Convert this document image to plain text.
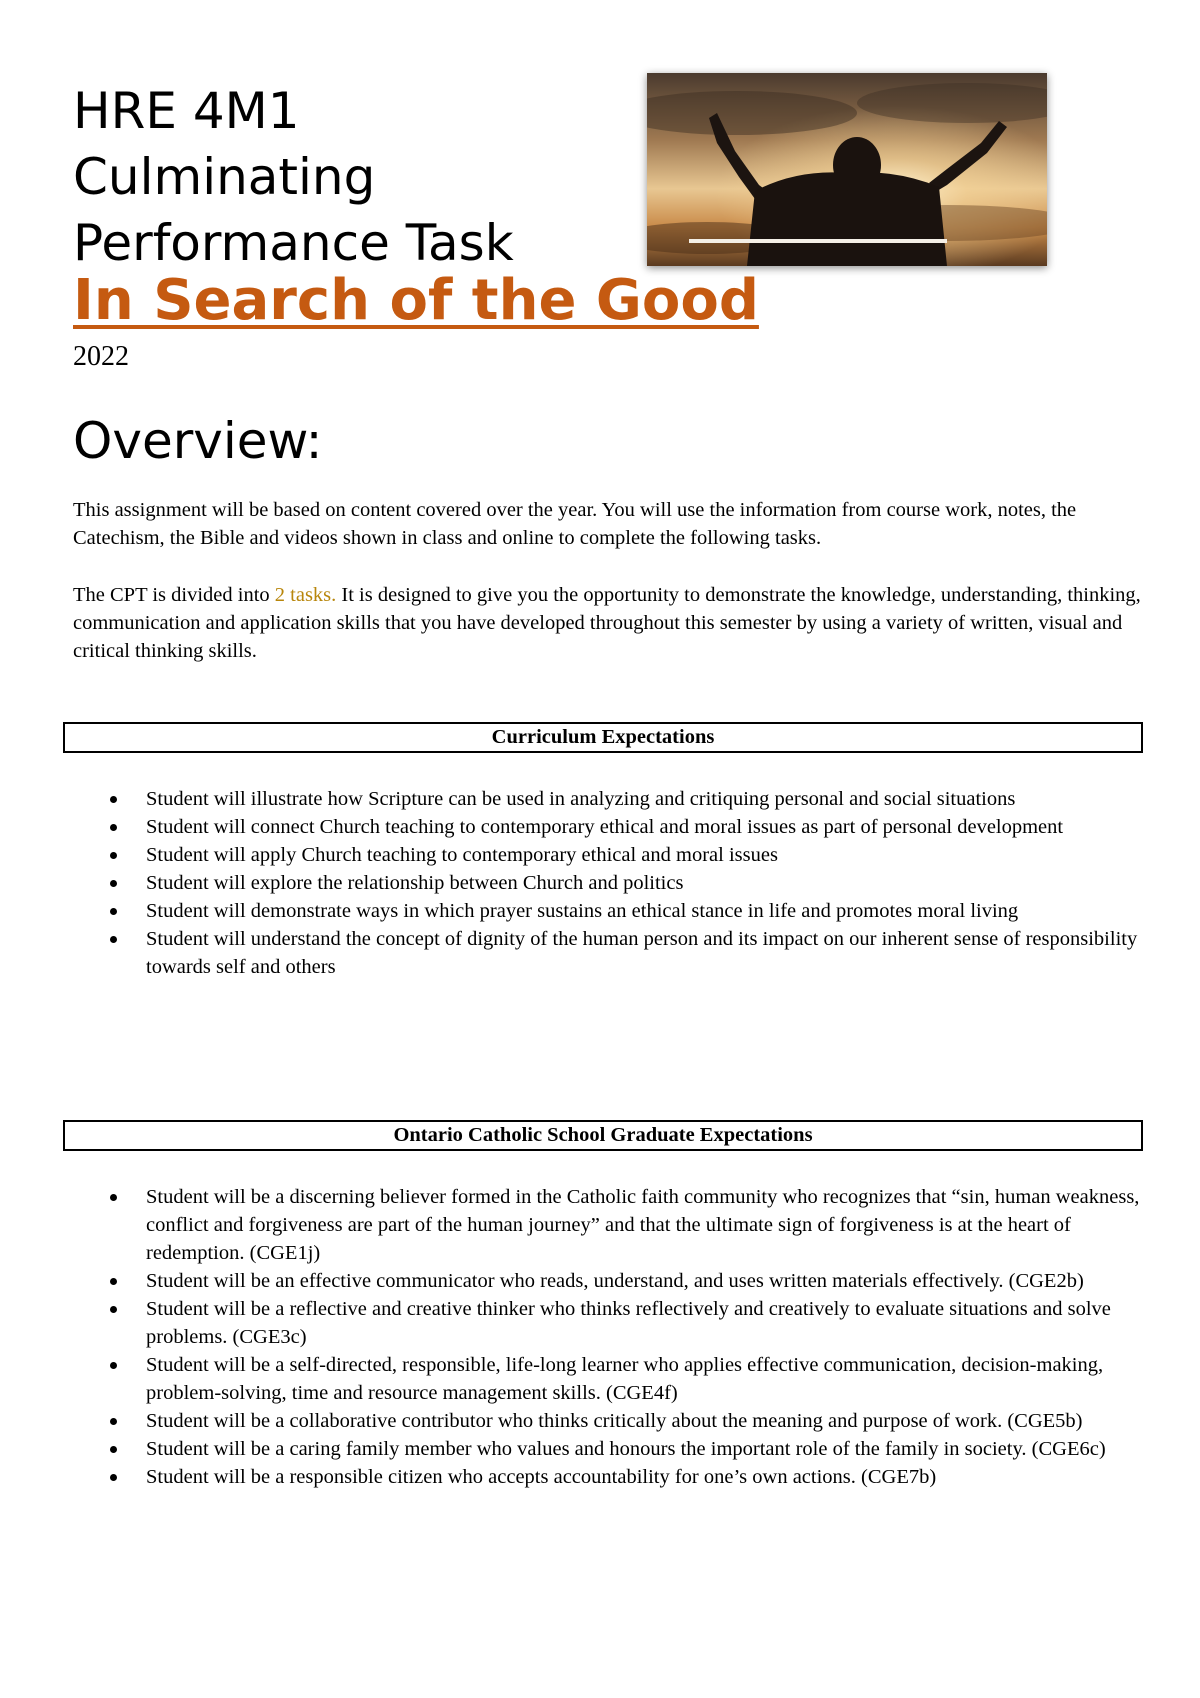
HRE 4M1
Culminating
Performance Task
In Search of the Good
2022
Overview:

This assignment will be based on content covered over the year. You will use the information from course work, notes, the Catechism, the Bible and videos shown in class and online to complete the following tasks.

The CPT is divided into 2 tasks. It is designed to give you the opportunity to demonstrate the knowledge, understanding, thinking, communication and application skills that you have developed throughout this semester by using a variety of written, visual and critical thinking skills.

Curriculum Expectations
Student will illustrate how Scripture can be used in analyzing and critiquing personal and social situations
Student will connect Church teaching to contemporary ethical and moral issues as part of personal development
Student will apply Church teaching to contemporary ethical and moral issues
Student will explore the relationship between Church and politics
Student will demonstrate ways in which prayer sustains an ethical stance in life and promotes moral living
Student will understand the concept of dignity of the human person and its impact on our inherent sense of responsibility towards self and others
Ontario Catholic School Graduate Expectations
Student will be a discerning believer formed in the Catholic faith community who recognizes that “sin, human weakness, conflict and forgiveness are part of the human journey” and that the ultimate sign of forgiveness is at the heart of redemption. (CGE1j)
Student will be an effective communicator who reads, understand, and uses written materials effectively. (CGE2b)
Student will be a reflective and creative thinker who thinks reflectively and creatively to evaluate situations and solve problems. (CGE3c)
Student will be a self-directed, responsible, life-long learner who applies effective communication, decision-making, problem-solving, time and resource management skills. (CGE4f)
Student will be a collaborative contributor who thinks critically about the meaning and purpose of work. (CGE5b)
Student will be a caring family member who values and honours the important role of the family in society. (CGE6c)
Student will be a responsible citizen who accepts accountability for one’s own actions. (CGE7b)
